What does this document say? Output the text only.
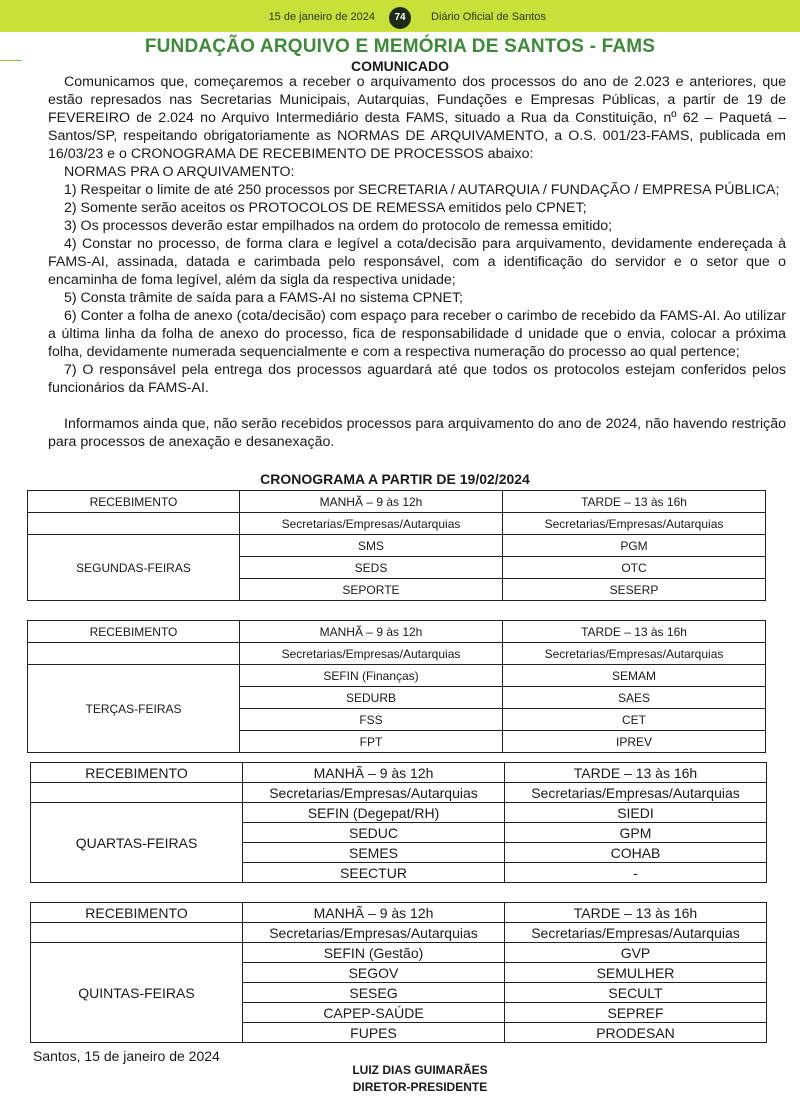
15 de janeiro de 2024	74	Diário Oficial de Santos
FUNDAÇÃO ARQUIVO E MEMÓRIA DE SANTOS - FAMS
COMUNICADO

Comunicamos que, começaremos a receber o arquivamento dos processos do ano de 2.023 e anteriores, que estão represados nas Secretarias Municipais, Autarquias, Fundações e Empresas Públicas, a partir de 19 de FEVEREIRO de 2.024 no Arquivo Intermediário desta FAMS, situado a Rua da Constituição, nº 62 – Paquetá – Santos/SP, respeitando obrigatoriamente as NORMAS DE ARQUIVAMENTO, a O.S. 001/23-FAMS, publicada em 16/03/23 e o CRONOGRAMA DE RECEBIMENTO DE PROCESSOS abaixo:

NORMAS PRA O ARQUIVAMENTO:

1) Respeitar o limite de até 250 processos por SECRETARIA / AUTARQUIA / FUNDAÇÃO / EMPRESA PÚBLICA;

2) Somente serão aceitos os PROTOCOLOS DE REMESSA emitidos pelo CPNET;

3) Os processos deverão estar empilhados na ordem do protocolo de remessa emitido;

4) Constar no processo, de forma clara e legível a cota/decisão para arquivamento, devidamente endereçada à FAMS-AI, assinada, datada e carimbada pelo responsável, com a identificação do servidor e o setor que o encaminha de foma legível, além da sigla da respectiva unidade;

5) Consta trâmite de saída para a FAMS-AI no sistema CPNET;

6) Conter a folha de anexo (cota/decisão) com espaço para receber o carimbo de recebido da FAMS-AI. Ao utilizar a última linha da folha de anexo do processo, fica de responsabilidade d unidade que o envia, colocar a próxima folha, devidamente numerada sequencialmente e com a respectiva numeração do processo ao qual pertence;

7) O responsável pela entrega dos processos aguardará até que todos os protocolos estejam conferidos pelos funcionários da FAMS-AI.

Informamos ainda que, não serão recebidos processos para arquivamento do ano de 2024, não havendo restrição para processos de anexação e desanexação.

CRONOGRAMA A PARTIR DE 19/02/2024
RECEBIMENTO	MANHÃ – 9 às 12h	TARDE – 13 às 16h
	Secretarias/Empresas/Autarquias	Secretarias/Empresas/Autarquias
SEGUNDAS-FEIRAS	SMS	PGM
	SEDS	OTC
	SEPORTE	SESERP
RECEBIMENTO	MANHÃ – 9 às 12h	TARDE – 13 às 16h
	Secretarias/Empresas/Autarquias	Secretarias/Empresas/Autarquias
TERÇAS-FEIRAS	SEFIN (Finanças)	SEMAM
	SEDURB	SAES
	FSS	CET
	FPT	IPREV
RECEBIMENTO	MANHÃ – 9 às 12h	TARDE – 13 às 16h
	Secretarias/Empresas/Autarquias	Secretarias/Empresas/Autarquias
QUARTAS-FEIRAS	SEFIN (Degepat/RH)	SIEDI
	SEDUC	GPM
	SEMES	COHAB
	SEECTUR	-
RECEBIMENTO	MANHÃ – 9 às 12h	TARDE – 13 às 16h
	Secretarias/Empresas/Autarquias	Secretarias/Empresas/Autarquias
QUINTAS-FEIRAS	SEFIN (Gestão)	GVP
	SEGOV	SEMULHER
	SESEG	SECULT
	CAPEP-SAÚDE	SEPREF
	FUPES	PRODESAN
Santos, 15 de janeiro de 2024
LUIZ DIAS GUIMARÃES
DIRETOR-PRESIDENTE
